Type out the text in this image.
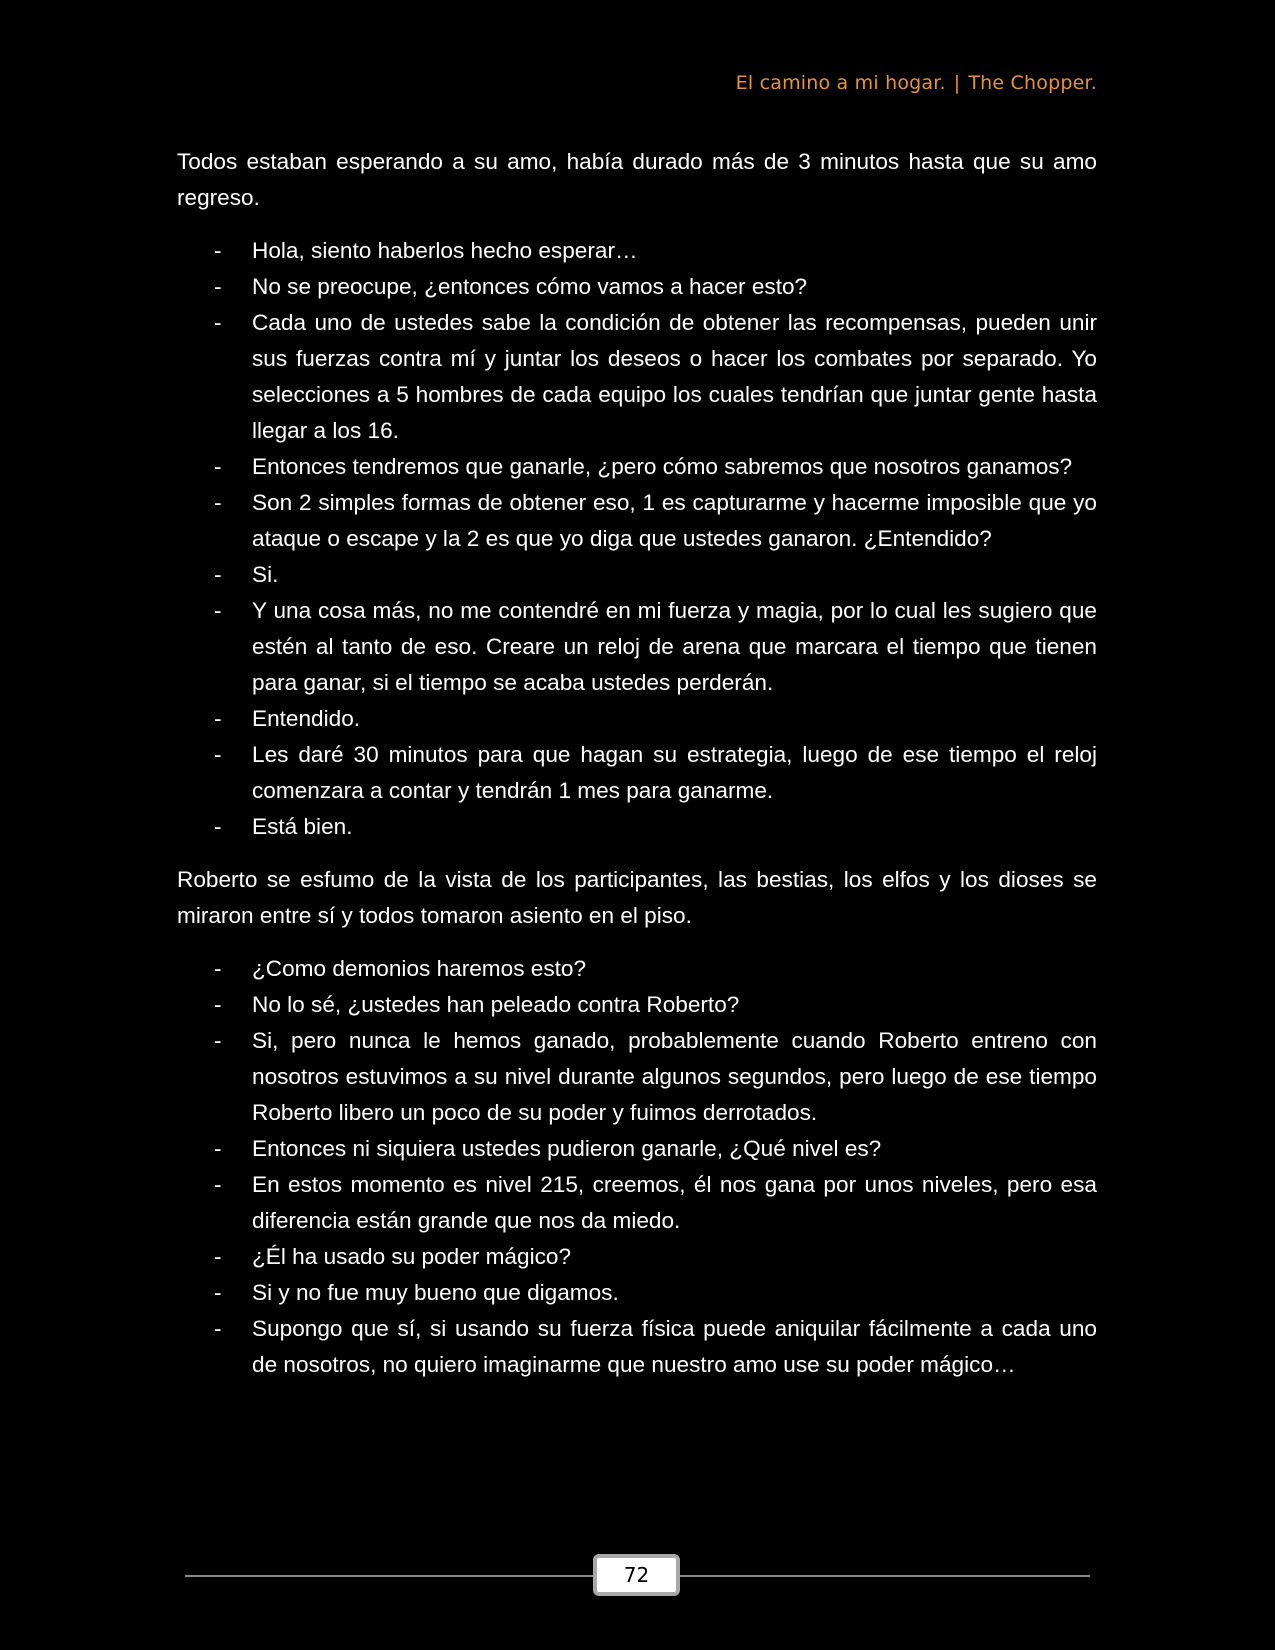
El camino a mi hogar. | The Chopper.

Todos estaban esperando a su amo, había durado más de 3 minutos hasta que su amo regreso.

- Hola, siento haberlos hecho esperar…
- No se preocupe, ¿entonces cómo vamos a hacer esto?
- Cada uno de ustedes sabe la condición de obtener las recompensas, pueden unir sus fuerzas contra mí y juntar los deseos o hacer los combates por separado. Yo selecciones a 5 hombres de cada equipo los cuales tendrían que juntar gente hasta llegar a los 16.
- Entonces tendremos que ganarle, ¿pero cómo sabremos que nosotros ganamos?
- Son 2 simples formas de obtener eso, 1 es capturarme y hacerme imposible que yo ataque o escape y la 2 es que yo diga que ustedes ganaron. ¿Entendido?
- Si.
- Y una cosa más, no me contendré en mi fuerza y magia, por lo cual les sugiero que estén al tanto de eso. Creare un reloj de arena que marcara el tiempo que tienen para ganar, si el tiempo se acaba ustedes perderán.
- Entendido.
- Les daré 30 minutos para que hagan su estrategia, luego de ese tiempo el reloj comenzara a contar y tendrán 1 mes para ganarme.
- Está bien.

Roberto se esfumo de la vista de los participantes, las bestias, los elfos y los dioses se miraron entre sí y todos tomaron asiento en el piso.

- ¿Como demonios haremos esto?
- No lo sé, ¿ustedes han peleado contra Roberto?
- Si, pero nunca le hemos ganado, probablemente cuando Roberto entreno con nosotros estuvimos a su nivel durante algunos segundos, pero luego de ese tiempo Roberto libero un poco de su poder y fuimos derrotados.
- Entonces ni siquiera ustedes pudieron ganarle, ¿Qué nivel es?
- En estos momento es nivel 215, creemos, él nos gana por unos niveles, pero esa diferencia están grande que nos da miedo.
- ¿Él ha usado su poder mágico?
- Si y no fue muy bueno que digamos.
- Supongo que sí, si usando su fuerza física puede aniquilar fácilmente a cada uno de nosotros, no quiero imaginarme que nuestro amo use su poder mágico…
72
